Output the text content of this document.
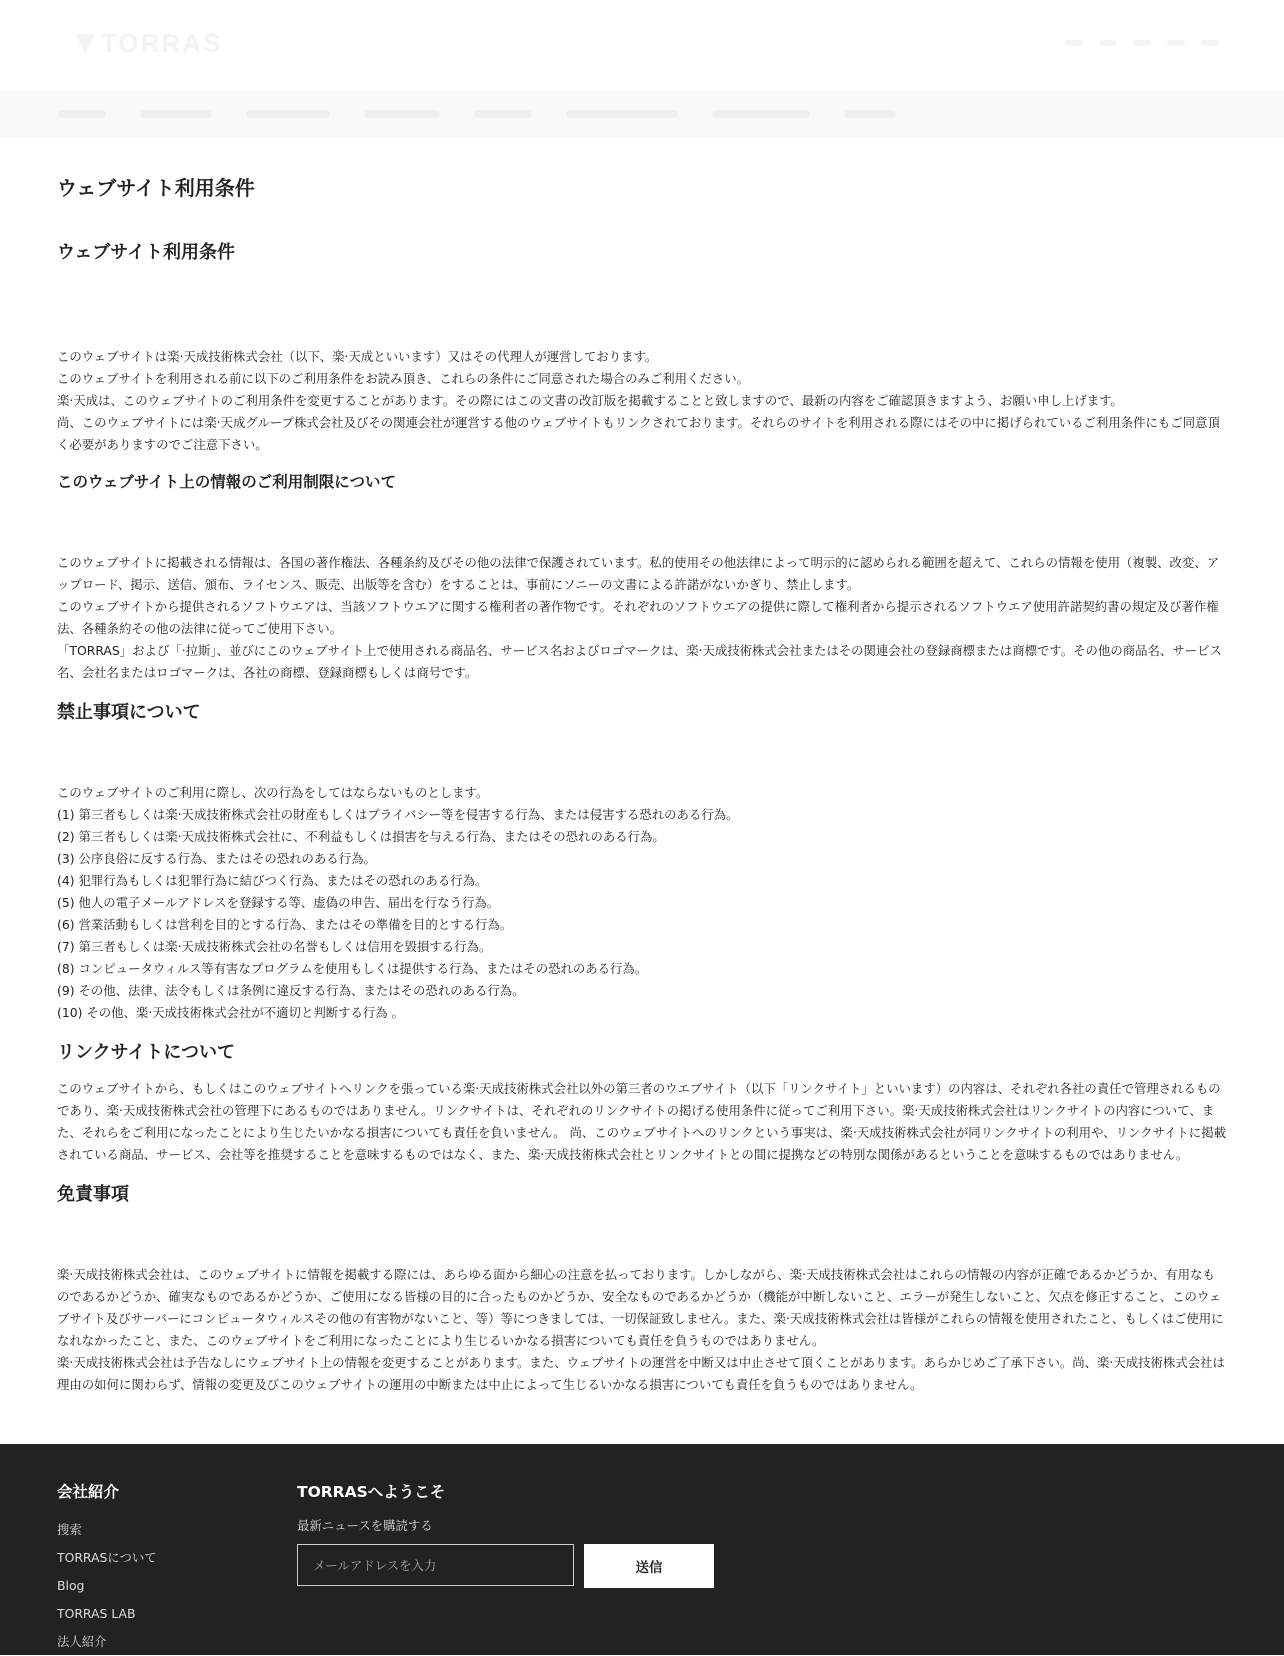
TORRAS
ウェブサイト利用条件
ウェブサイト利用条件

このウェブサイトは楽‧天成技術株式会社（以下、楽‧天成といいます）又はその代理人が運営しております。

このウェブサイトを利用される前に以下のご利用条件をお読み頂き、これらの条件にご同意された場合のみご利用ください。

楽‧天成は、このウェブサイトのご利用条件を変更することがあります。その際にはこの文書の改訂版を掲載することと致しますので、最新の内容をご確認頂きますよう、お願い申し上げます。

尚、このウェブサイトには楽‧天成グループ株式会社及びその関連会社が運営する他のウェブサイトもリンクされております。それらのサイトを利用される際にはその中に掲げられているご利用条件にもご同意頂く必要がありますのでご注意下さい。

このウェブサイト上の情報のご利用制限について

このウェブサイトに掲載される情報は、各国の著作権法、各種条約及びその他の法律で保護されています。私的使用その他法律によって明示的に認められる範囲を超えて、これらの情報を使用（複製、改変、アップロード、掲示、送信、頒布、ライセンス、販売、出版等を含む）をすることは、事前にソニーの文書による許諾がないかぎり、禁止します。

このウェブサイトから提供されるソフトウエアは、当該ソフトウエアに関する権利者の著作物です。それぞれのソフトウエアの提供に際して権利者から提示されるソフトウエア使用許諾契約書の規定及び著作権法、各種条約その他の法律に従ってご使用下さい。

「TORRAS」および「‧拉斯」、並びにこのウェブサイト上で使用される商品名、サービス名およびロゴマークは、楽‧天成技術株式会社またはその関連会社の登録商標または商標です。その他の商品名、サービス名、会社名またはロゴマークは、各社の商標、登録商標もしくは商号です。

禁止事項について

このウェブサイトのご利用に際し、次の行為をしてはならないものとします。

(1) 第三者もしくは楽‧天成技術株式会社の財産もしくはプライバシー等を侵害する行為、または侵害する恐れのある行為。

(2) 第三者もしくは楽‧天成技術株式会社に、不利益もしくは損害を与える行為、またはその恐れのある行為。

(3) 公序良俗に反する行為、またはその恐れのある行為。

(4) 犯罪行為もしくは犯罪行為に結びつく行為、またはその恐れのある行為。

(5) 他人の電子メールアドレスを登録する等、虚偽の申告、届出を行なう行為。

(6) 営業活動もしくは営利を目的とする行為、またはその準備を目的とする行為。

(7) 第三者もしくは楽‧天成技術株式会社の名誉もしくは信用を毀損する行為。

(8) コンピュータウィルス等有害なプログラムを使用もしくは提供する行為、またはその恐れのある行為。

(9) その他、法律、法令もしくは条例に違反する行為、またはその恐れのある行為。

(10) その他、楽‧天成技術株式会社が不適切と判断する行為 。

リンクサイトについて

このウェブサイトから、もしくはこのウェブサイトへリンクを張っている楽‧天成技術株式会社以外の第三者のウエブサイト（以下「リンクサイト」といいます）の内容は、それぞれ各社の責任で管理されるものであり、楽‧天成技術株式会社の管理下にあるものではありません。リンクサイトは、それぞれのリンクサイトの掲げる使用条件に従ってご利用下さい。楽‧天成技術株式会社はリンクサイトの内容について、また、それらをご利用になったことにより生じたいかなる損害についても責任を負いません。 尚、このウェブサイトへのリンクという事実は、楽‧天成技術株式会社が同リンクサイトの利用や、リンクサイトに掲載されている商品、サービス、会社等を推奨することを意味するものではなく、また、楽‧天成技術株式会社とリンクサイトとの間に提携などの特別な関係があるということを意味するものではありません。

免責事項

楽‧天成技術株式会社は、このウェブサイトに情報を掲載する際には、あらゆる面から細心の注意を払っております。しかしながら、楽‧天成技術株式会社はこれらの情報の内容が正確であるかどうか、有用なものであるかどうか、確実なものであるかどうか、ご使用になる皆様の目的に合ったものかどうか、安全なものであるかどうか（機能が中断しないこと、エラーが発生しないこと、欠点を修正すること、このウェブサイト及びサーバーにコンピュータウィルスその他の有害物がないこと、等）等につきましては、一切保証致しません。また、楽‧天成技術株式会社は皆様がこれらの情報を使用されたこと、もしくはご使用になれなかったこと、また、このウェブサイトをご利用になったことにより生じるいかなる損害についても責任を負うものではありません。

楽‧天成技術株式会社は予告なしにウェブサイト上の情報を変更することがあります。また、ウェブサイトの運営を中断又は中止させて頂くことがあります。あらかじめご了承下さい。尚、楽‧天成技術株式会社は理由の如何に関わらず、情報の変更及びこのウェブサイトの運用の中断または中止によって生じるいかなる損害についても責任を負うものではありません。

会社紹介
搜索
TORRASについて
Blog
TORRAS LAB
法人紹介
TORRASへようこそ
最新ニュースを購読する
メールアドレスを入力
送信
